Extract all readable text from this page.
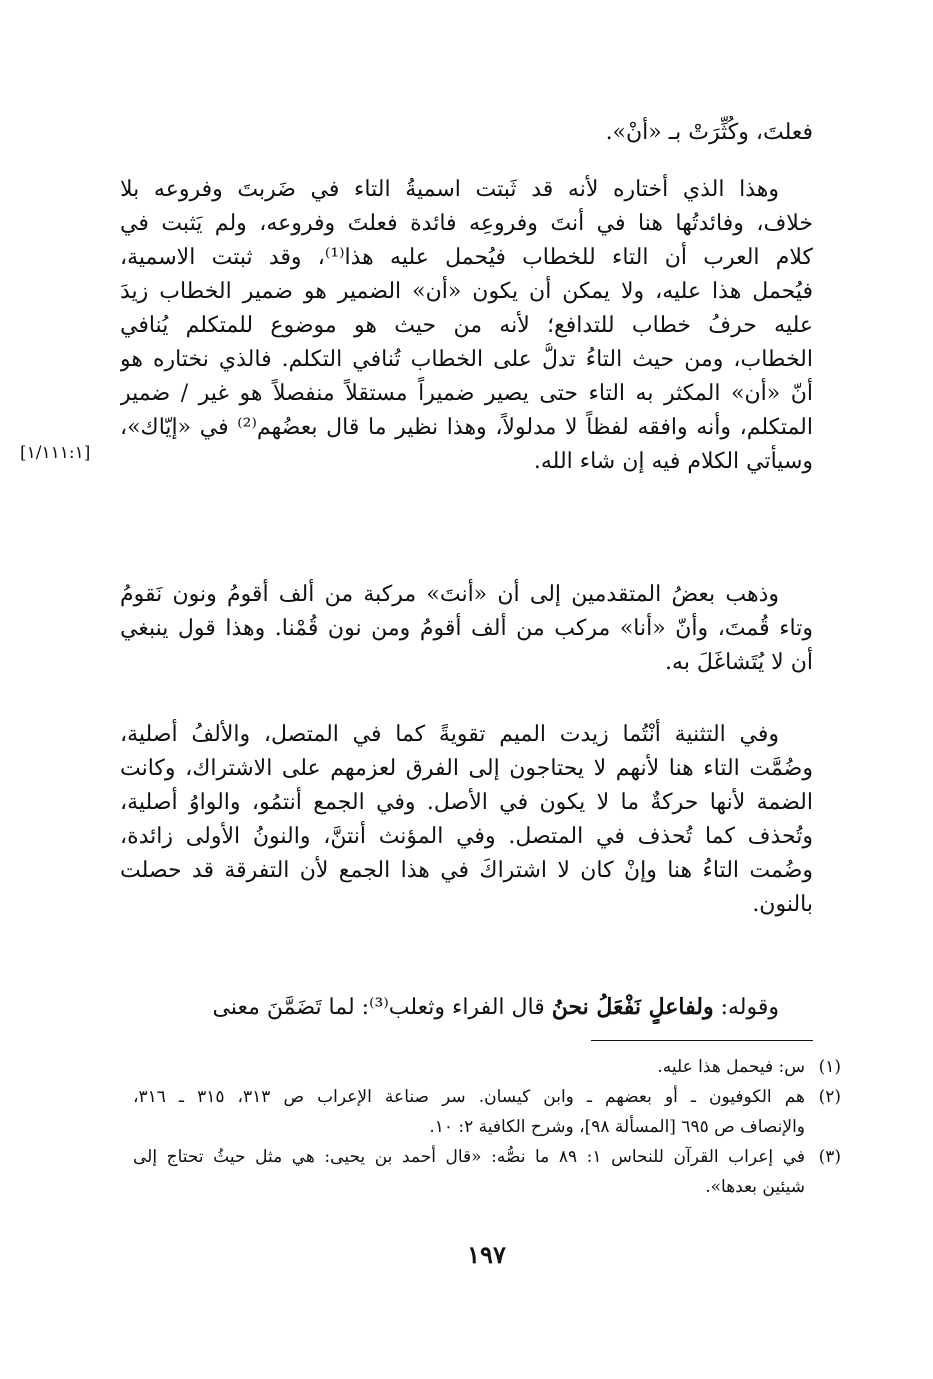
فعلتَ، وكُثِّرَتْ بـ «أنْ».

وهذا الذي أختاره لأنه قد ثَبتت اسميةُ التاء في ضَربتَ وفروعه بلا
خلاف، وفائدتُها هنا في أنتَ وفروعِه فائدة فعلتَ وفروعه، ولم يَثبت في
كلام العرب أن التاء للخطاب فيُحمل عليه هذا⁽¹⁾، وقد ثبتت الاسمية،
فيُحمل هذا عليه، ولا يمكن أن يكون «أن» الضمير هو ضمير الخطاب زيدَ
عليه حرفُ خطاب للتدافع؛ لأنه من حيث هو موضوع للمتكلم يُنافي
الخطاب، ومن حيث التاءُ تدلُّ على الخطاب تُنافي التكلم. فالذي نختاره هو
أنّ «أن» المكثر به التاء حتى يصير ضميراً مستقلاً منفصلاً هو غير / ضمير
المتكلم، وأنه وافقه لفظاً لا مدلولاً، وهذا نظير ما قال بعضُهم⁽²⁾ في «إيّاك»،
وسيأتي الكلام فيه إن شاء الله.

[١/١١١:١]

وذهب بعضُ المتقدمين إلى أن «أنتَ» مركبة من ألف أقومُ ونون نَقومُ
وتاء قُمتَ، وأنّ «أنا» مركب من ألف أقومُ ومن نون قُمْنا. وهذا قول ينبغي
أن لا يُتَشاغَلَ به.

وفي التثنية أنْتُما زيدت الميم تقويةً كما في المتصل، والألفُ أصلية،
وضُمَّت التاء هنا لأنهم لا يحتاجون إلى الفرق لعزمهم على الاشتراك، وكانت
الضمة لأنها حركةٌ ما لا يكون في الأصل. وفي الجمع أنتمُو، والواوُ أصلية،
وتُحذف كما تُحذف في المتصل. وفي المؤنث أنتنَّ، والنونُ الأولى زائدة،
وضُمت التاءُ هنا وإنْ كان لا اشتراكَ في هذا الجمع لأن التفرقة قد حصلت
بالنون.

وقوله: ولفاعلٍ نَفْعَلُ نحنُ قال الفراء وثعلب⁽³⁾: لما تَضَمَّنَ معنى

(١)
س: فيحمل هذا عليه.
(٢)
هم الكوفيون ـ أو بعضهم ـ وابن كيسان. سر صناعة الإعراب ص ٣١٣، ٣١٥ ـ ٣١٦،
والإنصاف ص ٦٩٥ [المسألة ٩٨]، وشرح الكافية ٢: ١٠.
(٣)
في إعراب القرآن للنحاس ١: ٨٩ ما نصُّه: «قال أحمد بن يحيى: هي مثل حيثُ تحتاج إلى
شيئين بعدها».
١٩٧
